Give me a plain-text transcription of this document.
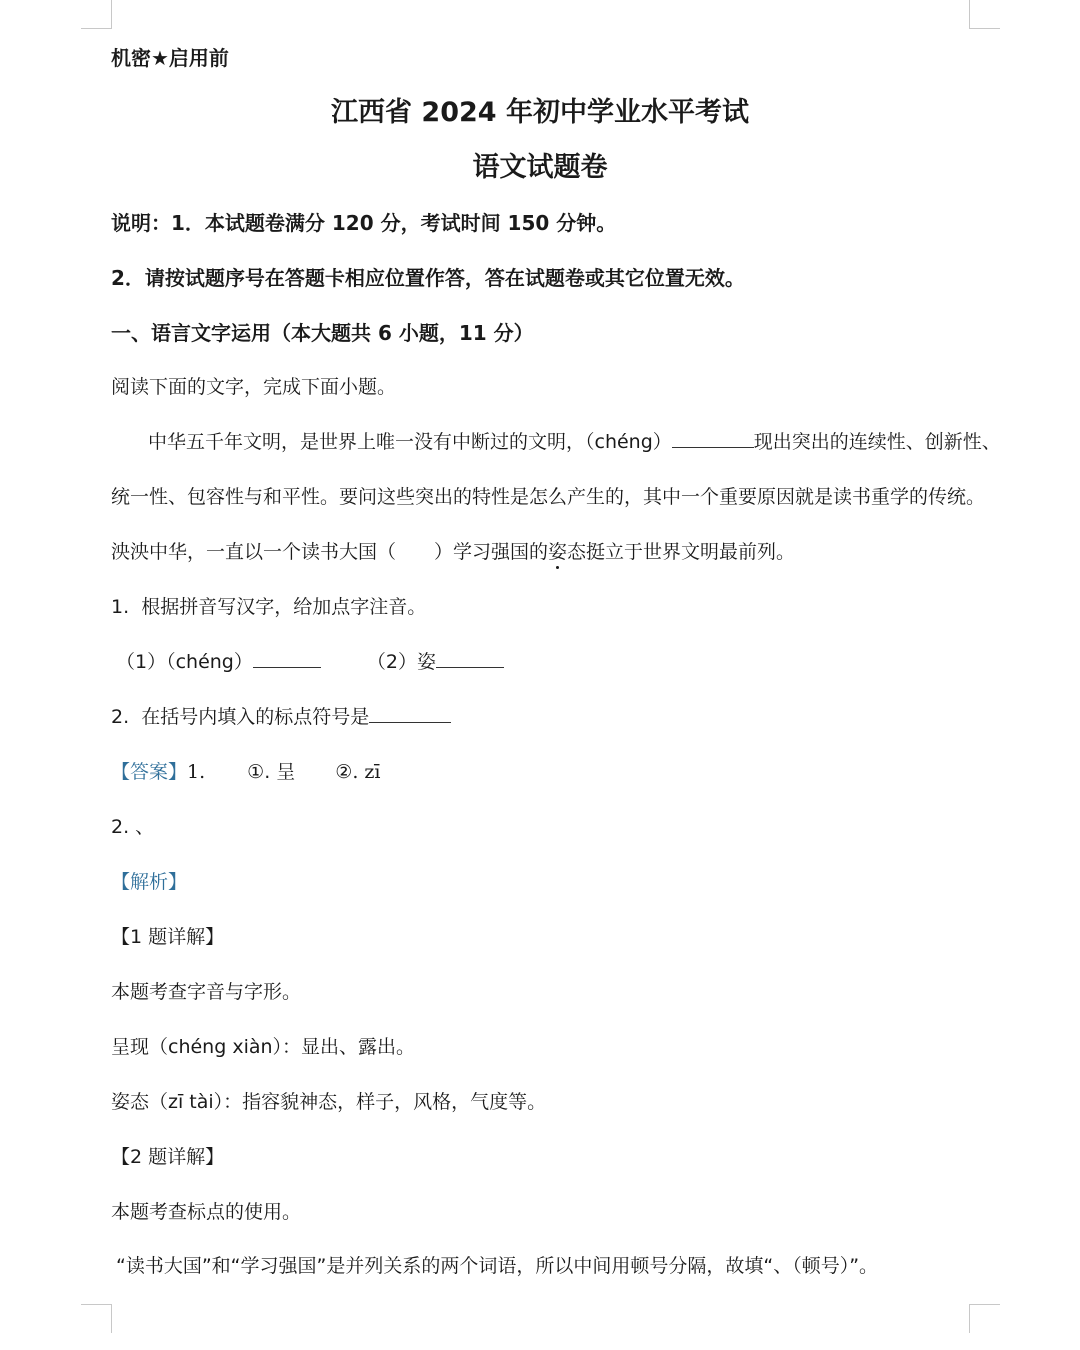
机密★启用前
江西省 2024 年初中学业水平考试
语文试题卷
说明：1．本试题卷满分 120 分，考试时间 150 分钟。
2．请按试题序号在答题卡相应位置作答，答在试题卷或其它位置无效。
一、语言文字运用（本大题共 6 小题，11 分）
阅读下面的文字，完成下面小题。
中华五千年文明，是世界上唯一没有中断过的文明，（chéng）	现出突出的连续性、创新性、
统一性、包容性与和平性。要问这些突出的特性是怎么产生的，其中一个重要原因就是读书重学的传统。
泱泱中华，一直以一个读书大国（　　）学习强国的姿态挺立于世界文明最前列。
1.  根据拼音写汉字，给加点字注音。
（1）（chéng）	（2）姿
2.  在括号内填入的标点符号是
【答案】1. ①. 呈 ②. zī
2. 、
【解析】
【1 题详解】
本题考查字音与字形。
呈现（chéng xiàn）：显出、露出。
姿态（zī tài）：指容貌神态，样子，风格，气度等。
【2 题详解】
本题考查标点的使用。
“读书大国”和“学习强国”是并列关系的两个词语，所以中间用顿号分隔，故填“、（顿号）”。
